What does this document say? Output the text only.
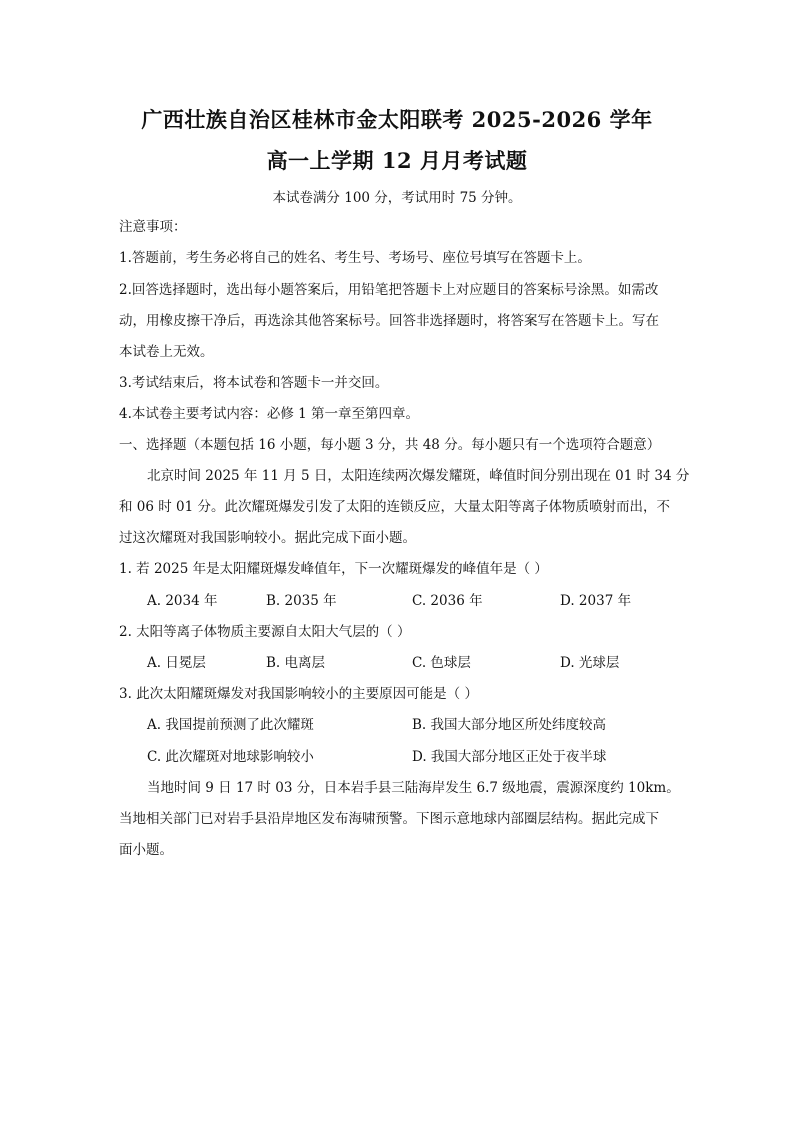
广西壮族自治区桂林市金太阳联考 2025-2026 学年
高一上学期 12 月月考试题
本试卷满分 100 分，考试用时 75 分钟。
注意事项：
1.答题前，考生务必将自己的姓名、考生号、考场号、座位号填写在答题卡上。
2.回答选择题时，选出每小题答案后，用铅笔把答题卡上对应题目的答案标号涂黑。如需改
动，用橡皮擦干净后，再选涂其他答案标号。回答非选择题时，将答案写在答题卡上。写在
本试卷上无效。
3.考试结束后，将本试卷和答题卡一并交回。
4.本试卷主要考试内容：必修 1 第一章至第四章。
一、选择题（本题包括 16 小题，每小题 3 分，共 48 分。每小题只有一个选项符合题意）
北京时间 2025 年 11 月 5 日，太阳连续两次爆发耀斑，峰值时间分别出现在 01 时 34 分
和 06 时 01 分。此次耀斑爆发引发了太阳的连锁反应，大量太阳等离子体物质喷射而出，不
过这次耀斑对我国影响较小。据此完成下面小题。
1. 若 2025 年是太阳耀斑爆发峰值年，下一次耀斑爆发的峰值年是（ ）
A. 2034 年	B. 2035 年	C. 2036 年	D. 2037 年
2. 太阳等离子体物质主要源自太阳大气层的（ ）
A. 日冕层	B. 电离层	C. 色球层	D. 光球层
3. 此次太阳耀斑爆发对我国影响较小的主要原因可能是（ ）
A. 我国提前预测了此次耀斑	B. 我国大部分地区所处纬度较高
C. 此次耀斑对地球影响较小	D. 我国大部分地区正处于夜半球
当地时间 9 日 17 时 03 分，日本岩手县三陆海岸发生 6.7 级地震，震源深度约 10km。
当地相关部门已对岩手县沿岸地区发布海啸预警。下图示意地球内部圈层结构。据此完成下
面小题。
